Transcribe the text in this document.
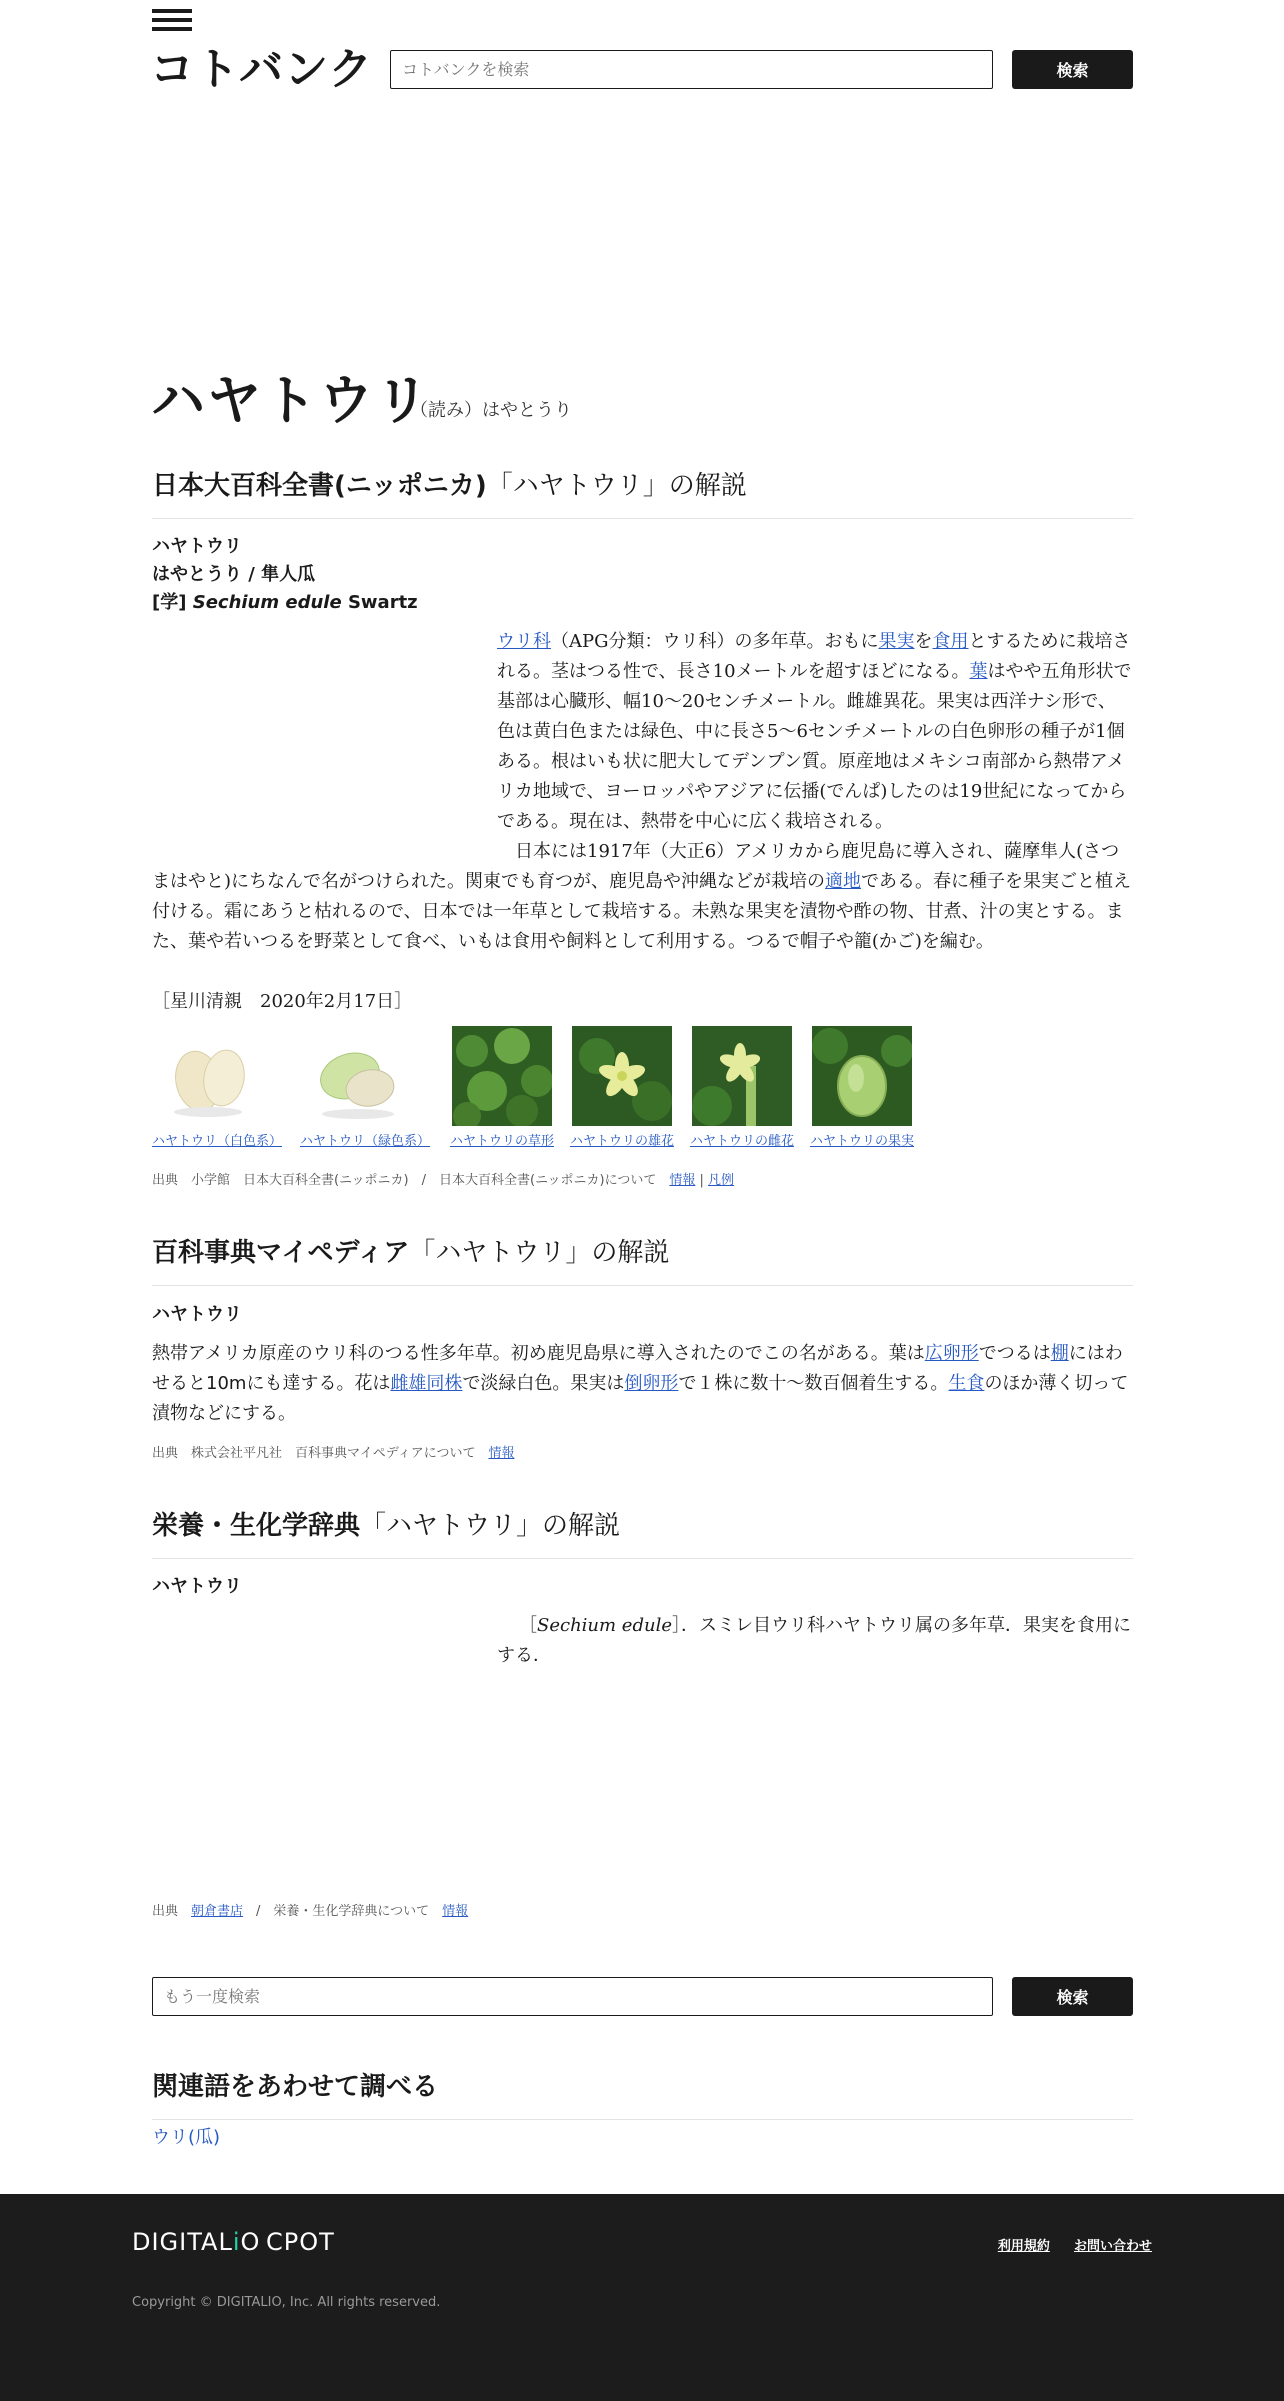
コトバンク
コトバンクを検索	検索
ハヤトウリ
（読み）はやとうり
日本大百科全書(ニッポニカ)「ハヤトウリ」の解説
ハヤトウリ
はやとうり / 隼人瓜
[学] Sechium edule Swartz
ウリ科（APG分類：ウリ科）の多年草。おもに果実を食用とするために栽培される。茎はつる性で、長さ10メートルを超すほどになる。葉はやや五角形状で基部は心臓形、幅10～20センチメートル。雌雄異花。果実は西洋ナシ形で、色は黄白色または緑色、中に長さ5～6センチメートルの白色卵形の種子が1個ある。根はいも状に肥大してデンプン質。原産地はメキシコ南部から熱帯アメリカ地域で、ヨーロッパやアジアに伝播(でんぱ)したのは19世紀になってからである。現在は、熱帯を中心に広く栽培される。
　日本には1917年（大正6）アメリカから鹿児島に導入され、薩摩隼人(さつまはやと)にちなんで名がつけられた。関東でも育つが、鹿児島や沖縄などが栽培の適地である。春に種子を果実ごと植え付ける。霜にあうと枯れるので、日本では一年草として栽培する。未熟な果実を漬物や酢の物、甘煮、汁の実とする。また、葉や若いつるを野菜として食べ、いもは食用や飼料として利用する。つるで帽子や籠(かご)を編む。
［星川清親　2020年2月17日］
ハヤトウリ（白色系） ハヤトウリ（緑色系）	ハヤトウリの草形	ハヤトウリの雄花	ハヤトウリの雌花	ハヤトウリの果実
出典　小学館　日本大百科全書(ニッポニカ)　/　日本大百科全書(ニッポニカ)について　情報 | 凡例
百科事典マイペディア「ハヤトウリ」の解説
ハヤトウリ
熱帯アメリカ原産のウリ科のつる性多年草。初め鹿児島県に導入されたのでこの名がある。葉は広卵形でつるは棚にはわせると10mにも達する。花は雌雄同株で淡緑白色。果実は倒卵形で１株に数十〜数百個着生する。生食のほか薄く切って漬物などにする。
出典　株式会社平凡社　百科事典マイペディアについて　情報
栄養・生化学辞典「ハヤトウリ」の解説
ハヤトウリ
［Sechium edule］．スミレ目ウリ科ハヤトウリ属の多年草．果実を食用にする．
出典　朝倉書店　/　栄養・生化学辞典について　情報
もう一度検索
検索
関連語をあわせて調べる
ウリ(瓜)
DIGITALiO CPOT	利用規約 お問い合わせ
Copyright © DIGITALIO, Inc. All rights reserved.
